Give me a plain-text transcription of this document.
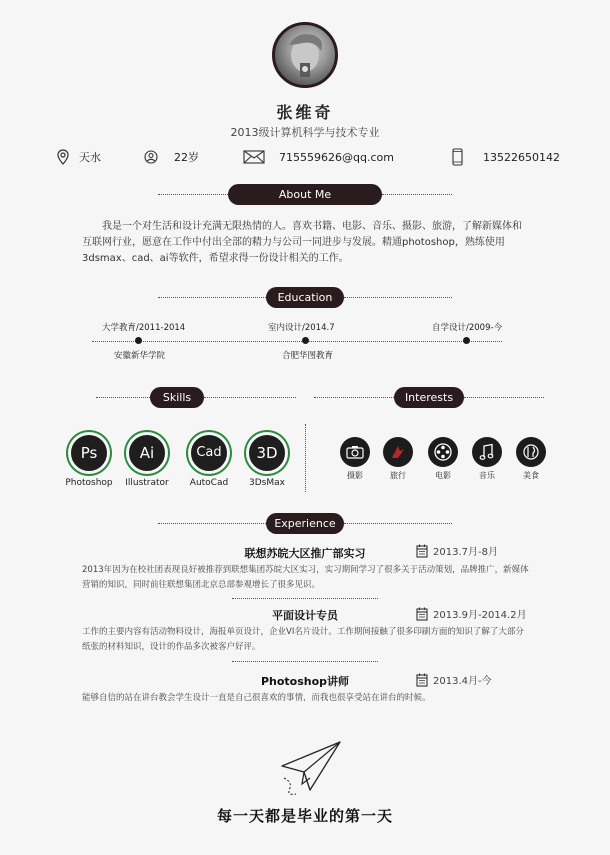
张维奇
2013级计算机科学与技术专业
天水	22岁	715559626@qq.com	13522650142
About Me
我是一个对生活和设计充满无限热情的人。喜欢书籍、电影、音乐、摄影、旅游，了解新媒体和互联网行业，愿意在工作中付出全部的精力与公司一同进步与发展。精通photoshop，熟练使用3dsmax、cad、ai等软件，希望求得一份设计相关的工作。
Education
大学教育/2011-2014
安徽新华学院
室内设计/2014.7
合肥华图教育
自学设计/2009-今
Skills	Interests
Ps	Ai	Cad	3D
Photoshop	Illustrator	AutoCad	3DsMax
摄影	旅行	电影	音乐	美食
Experience
联想苏皖大区推广部实习	2013.7月-8月
2013年因为在校社团表现良好被推荐到联想集团苏皖大区实习，实习期间学习了很多关于活动策划，品牌推广，新媒体营销的知识，同时前往联想集团北京总部参观增长了很多见识。
平面设计专员	2013.9月-2014.2月
工作的主要内容有活动物料设计，海报单页设计，企业VI名片设计。工作期间接触了很多印刷方面的知识了解了大部分纸张的材料知识，设计的作品多次被客户好评。
Photoshop讲师	2013.4月-今
能够自信的站在讲台教会学生设计一直是自己很喜欢的事情，而我也很享受站在讲台的时候。
每一天都是毕业的第一天
